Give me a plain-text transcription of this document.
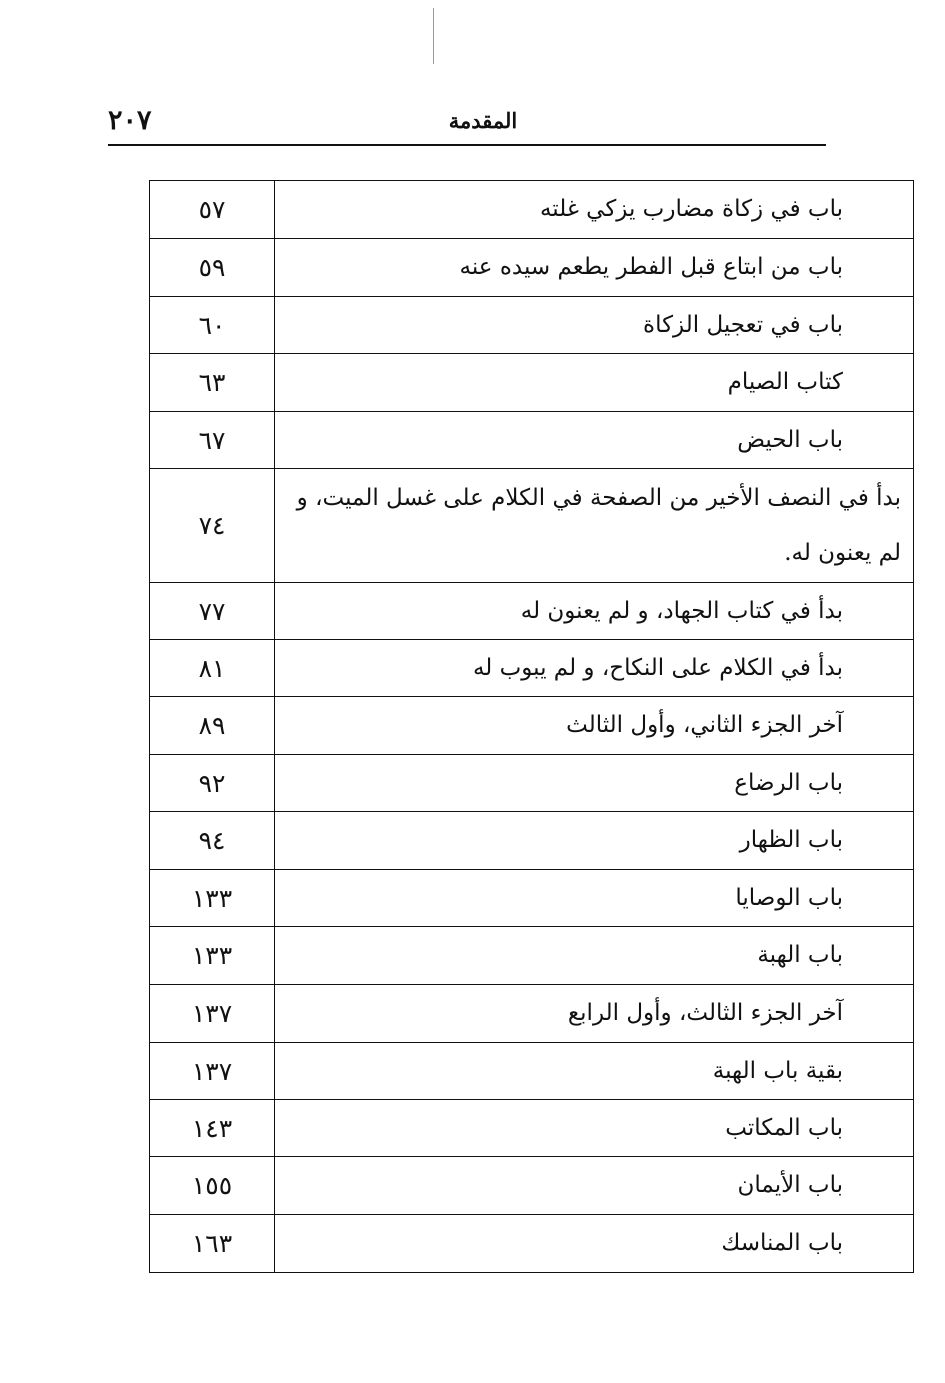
٢٠٧	المقدمة
باب في زكاة مضارب يزكي غلته	٥٧
باب من ابتاع قبل الفطر يطعم سيده عنه	٥٩
باب في تعجيل الزكاة	٦٠
كتاب الصيام	٦٣
باب الحيض	٦٧
بدأ في النصف الأخير من الصفحة في الكلام على غسل الميت، و لم يعنون له.	٧٤
بدأ في كتاب الجهاد، و لم يعنون له	٧٧
بدأ في الكلام على النكاح، و لم يبوب له	٨١
آخر الجزء الثاني، وأول الثالث	٨٩
باب الرضاع	٩٢
باب الظهار	٩٤
باب الوصايا	١٣٣
باب الهبة	١٣٣
آخر الجزء الثالث، وأول الرابع	١٣٧
بقية باب الهبة	١٣٧
باب المكاتب	١٤٣
باب الأيمان	١٥٥
باب المناسك	١٦٣
